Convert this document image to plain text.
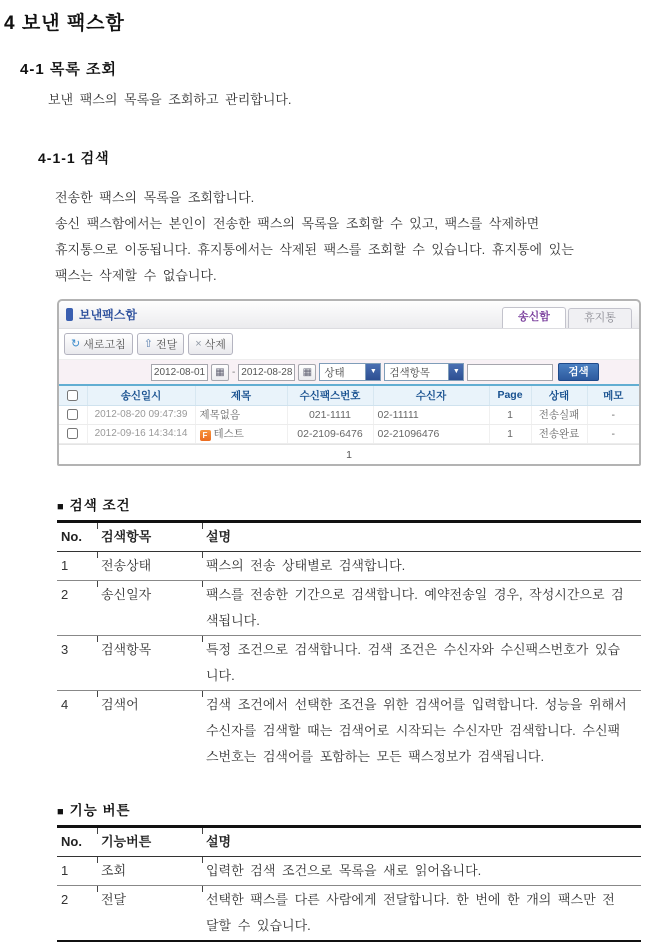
4 보낸 팩스함
4-1 목록 조회
보낸 팩스의 목록을 조회하고 관리합니다.
4-1-1 검색
전송한 팩스의 목록을 조회합니다.
송신 팩스함에서는 본인이 전송한 팩스의 목록을 조회할 수 있고, 팩스를 삭제하면
휴지통으로 이동됩니다. 휴지통에서는 삭제된 팩스를 조회할 수 있습니다. 휴지통에 있는
팩스는 삭제할 수 없습니다.
보낸팩스함	송신함	휴지통
↻ 새로고침 ⇧ 전달 × 삭제
2012-08-01
▦ -
2012-08-28	▦	상태	▼	검색항목	▼	검색
	송신일시	제목	수신팩스번호	수신자	Page	상태	메모
	2012-08-20 09:47:39	제목없음	021-1111	02-11111	1	전송실패	-
	2012-09-16 14:34:14	F 테스트	02-2109-6476	02-21096476	1	전송완료	-
1
■ 검색 조건
No.	검색항목	설명
1	전송상태	팩스의 전송 상태별로 검색합니다.
2	송신일자	팩스를 전송한 기간으로 검색합니다. 예약전송일 경우, 작성시간으로 검색됩니다.
3	검색항목	특정 조건으로 검색합니다. 검색 조건은 수신자와 수신팩스번호가 있습니다.
4	검색어	검색 조건에서 선택한 조건을 위한 검색어를 입력합니다. 성능을 위해서 수신자를 검색할 때는 검색어로 시작되는 수신자만 검색합니다. 수신팩스번호는 검색어를 포함하는 모든 팩스정보가 검색됩니다.
■ 기능 버튼
No.	기능버튼	설명
1	조회	입력한 검색 조건으로 목록을 새로 읽어옵니다.
2	전달	선택한 팩스를 다른 사람에게 전달합니다. 한 번에 한 개의 팩스만 전달할 수 있습니다.
